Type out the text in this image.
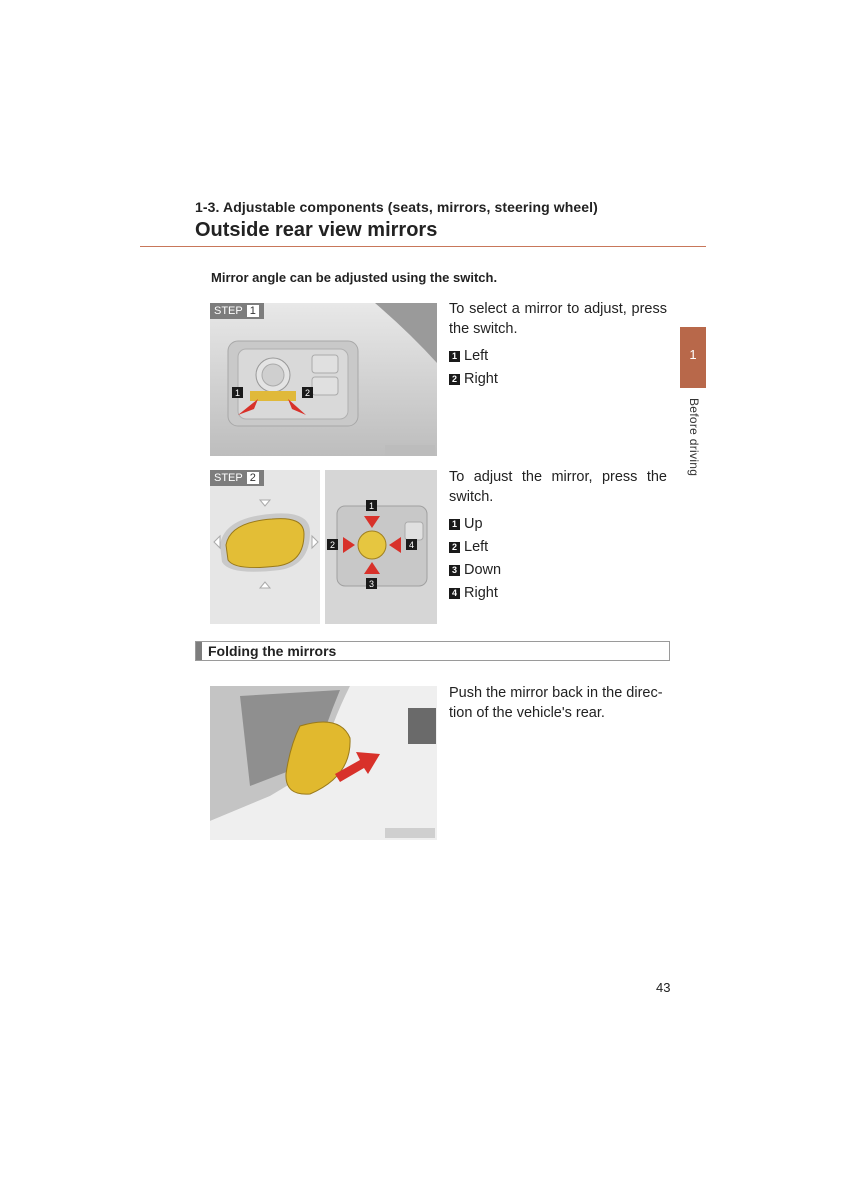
1-3. Adjustable components (seats, mirrors, steering wheel)
Outside rear view mirrors
Mirror angle can be adjusted using the switch.
1
Before driving
1	2
STEP 1	To select a mirror to adjust, press the switch.
1 Left
2 Right
1
2
3
4
STEP 2	To adjust the mirror, press the switch.
1 Up
2 Left
3 Down
4 Right
Folding the mirrors
Push the mirror back in the direc-
tion of the vehicle's rear.
43
